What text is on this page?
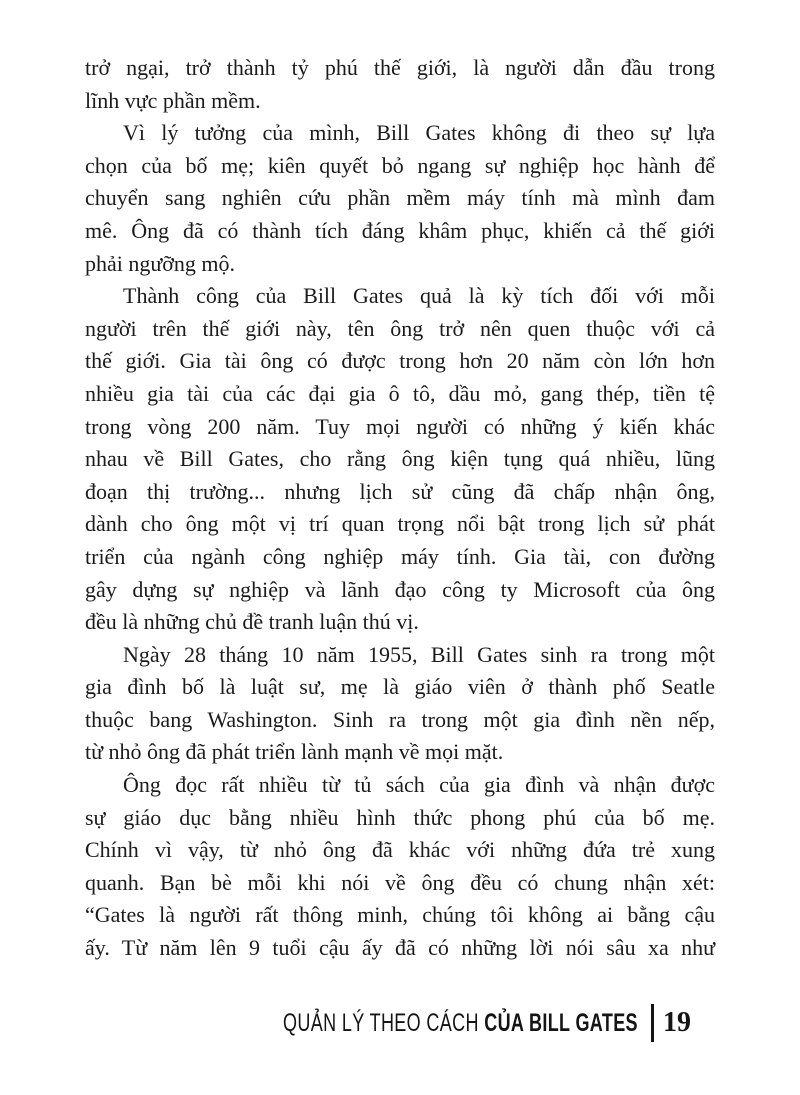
trở ngại, trở thành tỷ phú thế giới, là người dẫn đầu trong
lĩnh vực phần mềm.
Vì lý tưởng của mình, Bill Gates không đi theo sự lựa
chọn của bố mẹ; kiên quyết bỏ ngang sự nghiệp học hành để
chuyển sang nghiên cứu phần mềm máy tính mà mình đam
mê. Ông đã có thành tích đáng khâm phục, khiến cả thế giới
phải ngưỡng mộ.
Thành công của Bill Gates quả là kỳ tích đối với mỗi
người trên thế giới này, tên ông trở nên quen thuộc với cả
thế giới. Gia tài ông có được trong hơn 20 năm còn lớn hơn
nhiều gia tài của các đại gia ô tô, dầu mỏ, gang thép, tiền tệ
trong vòng 200 năm. Tuy mọi người có những ý kiến khác
nhau về Bill Gates, cho rằng ông kiện tụng quá nhiều, lũng
đoạn thị trường... nhưng lịch sử cũng đã chấp nhận ông,
dành cho ông một vị trí quan trọng nổi bật trong lịch sử phát
triển của ngành công nghiệp máy tính. Gia tài, con đường
gây dựng sự nghiệp và lãnh đạo công ty Microsoft của ông
đều là những chủ đề tranh luận thú vị.
Ngày 28 tháng 10 năm 1955, Bill Gates sinh ra trong một
gia đình bố là luật sư, mẹ là giáo viên ở thành phố Seatle
thuộc bang Washington. Sinh ra trong một gia đình nền nếp,
từ nhỏ ông đã phát triển lành mạnh về mọi mặt.
Ông đọc rất nhiều từ tủ sách của gia đình và nhận được
sự giáo dục bằng nhiều hình thức phong phú của bố mẹ.
Chính vì vậy, từ nhỏ ông đã khác với những đứa trẻ xung
quanh. Bạn bè mỗi khi nói về ông đều có chung nhận xét:
“Gates là người rất thông minh, chúng tôi không ai bằng cậu
ấy. Từ năm lên 9 tuổi cậu ấy đã có những lời nói sâu xa như
QUẢN LÝ THEO CÁCH CỦA BILL GATES 19
